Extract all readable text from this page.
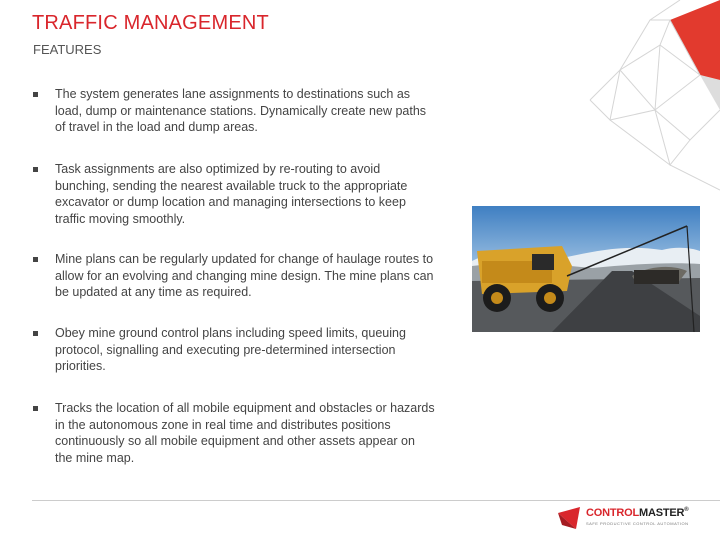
TRAFFIC MANAGEMENT
FEATURES
The system generates lane assignments to destinations such as load, dump or maintenance stations. Dynamically create new paths of travel in the load and dump areas.
Task assignments are also optimized by re-routing to avoid bunching, sending the nearest available truck to the appropriate excavator or dump location and managing intersections to keep traffic moving smoothly.
Mine plans can be regularly updated for change of haulage routes to allow for an evolving and changing mine design. The mine plans can be updated at any time as required.
Obey mine ground control plans including speed limits, queuing protocol, signalling and executing pre-determined intersection priorities.
Tracks the location of all mobile equipment and obstacles or hazards in the autonomous zone in real time and distributes positions continuously so all mobile equipment and other assets appear on the mine map.
CONTROLMASTER®
SAFE PRODUCTIVE CONTROL AUTOMATION
